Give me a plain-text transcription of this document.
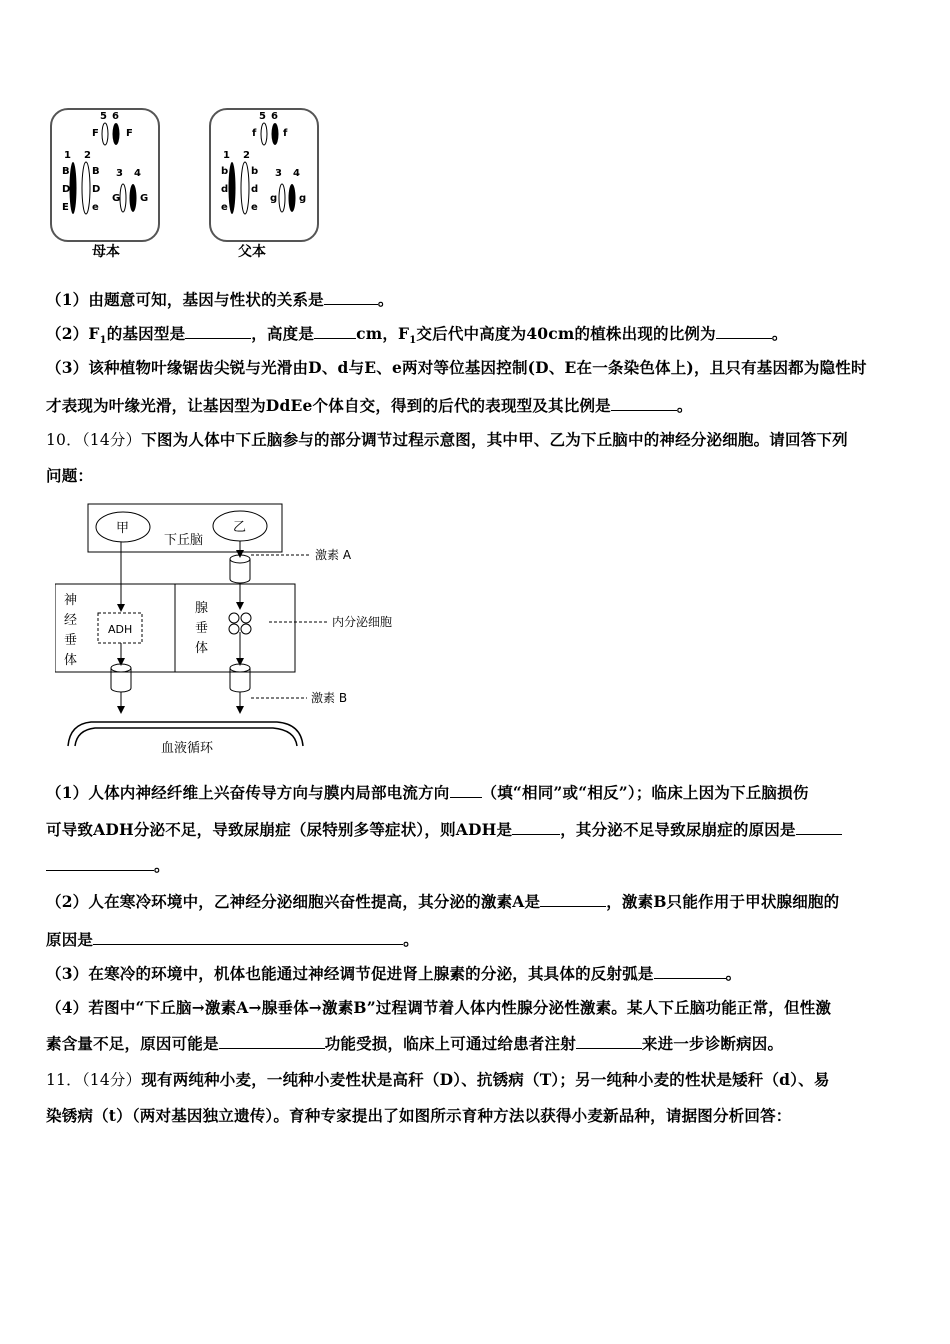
5 6
F	F
1 2
B
D
E
B
D
e
3 4
G G
5 6
f	f
1 2
b
d
e
b
d
e
3 4
g g
母本	父本
（1）由题意可知，基因与性状的关系是	。
$(2)F_1$的基因型是	，高度是	cm，$F_1$交后代中高度为40cm的植株出现的比例为	。
（3）该种植物叶缘锯齿尖锐与光滑由D、d与E、e两对等位基因控制(D、E在一条染色体上)，且只有基因都为隐性时
才表现为叶缘光滑，让基因型为DdEe个体自交，得到的后代的表现型及其比例是	。
10．（14分）下图为人体中下丘脑参与的部分调节过程示意图，其中甲、乙为下丘脑中的神经分泌细胞。请回答下列
问题：
甲	乙
下丘脑
激素 A
神
经
垂
体
ADH
腺
垂
体
内分泌细胞
激素 B
血液循环
（1）人体内神经纤维上兴奋传导方向与膜内局部电流方向 （填“相同”或“相反”）；临床上因为下丘脑损伤
可导致ADH分泌不足，导致尿崩症（尿特别多等症状），则ADH是	，其分泌不足导致尿崩症的原因是
。
（2）人在寒冷环境中，乙神经分泌细胞兴奋性提高，其分泌的激素A是	，激素B只能作用于甲状腺细胞的
原因是	。
（3）在寒冷的环境中，机体也能通过神经调节促进肾上腺素的分泌，其具体的反射弧是	。
（4）若图中“下丘脑→激素A→腺垂体→激素B”过程调节着人体内性腺分泌性激素。某人下丘脑功能正常，但性激
素含量不足，原因可能是	功能受损，临床上可通过给患者注射	来进一步诊断病因。
11．（14分）现有两纯种小麦，一纯种小麦性状是高秆（D）、抗锈病（T）；另一纯种小麦的性状是矮秆（d）、易
染锈病（t）（两对基因独立遗传）。育种专家提出了如图所示育种方法以获得小麦新品种，请据图分析回答：
